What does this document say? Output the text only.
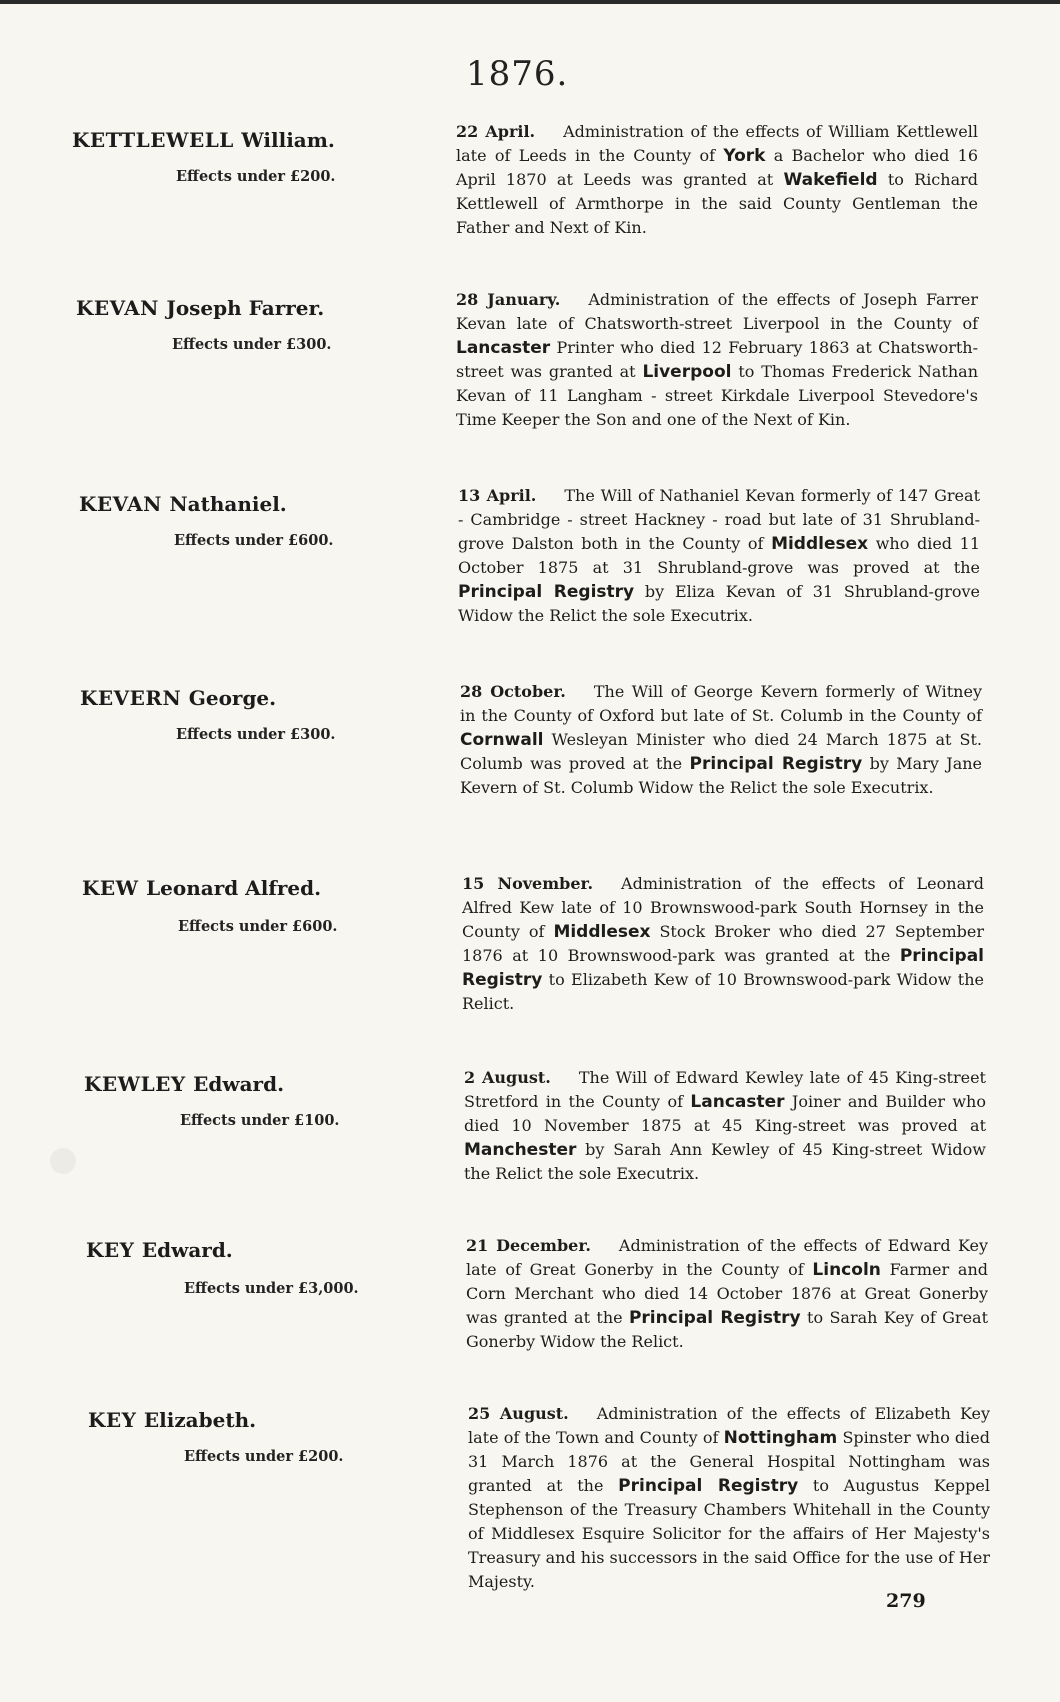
1876.
KETTLEWELL William.
Effects under £200.
22 April. Administration of the effects of William Kettlewell late of Leeds in the County of York a Bachelor who died 16 April 1870 at Leeds was granted at Wakefield to Richard Kettlewell of Armthorpe in the said County Gentleman the Father and Next of Kin.
KEVAN Joseph Farrer.
Effects under £300.
28 January. Administration of the effects of Joseph Farrer Kevan late of Chatsworth-street Liverpool in the County of Lancaster Printer who died 12 February 1863 at Chatsworth-street was granted at Liverpool to Thomas Frederick Nathan Kevan of 11 Langham - street Kirkdale Liverpool Stevedore's Time Keeper the Son and one of the Next of Kin.
KEVAN Nathaniel.
Effects under £600.
13 April. The Will of Nathaniel Kevan formerly of 147 Great - Cambridge - street Hackney - road but late of 31 Shrubland-grove Dalston both in the County of Middlesex who died 11 October 1875 at 31 Shrubland-grove was proved at the Principal Registry by Eliza Kevan of 31 Shrubland-grove Widow the Relict the sole Executrix.
KEVERN George.
Effects under £300.
28 October. The Will of George Kevern formerly of Witney in the County of Oxford but late of St. Columb in the County of Cornwall Wesleyan Minister who died 24 March 1875 at St. Columb was proved at the Principal Registry by Mary Jane Kevern of St. Columb Widow the Relict the sole Executrix.
KEW Leonard Alfred.
Effects under £600.
15 November. Administration of the effects of Leonard Alfred Kew late of 10 Brownswood-park South Hornsey in the County of Middlesex Stock Broker who died 27 September 1876 at 10 Brownswood-park was granted at the Principal Registry to Elizabeth Kew of 10 Brownswood-park Widow the Relict.
KEWLEY Edward.
Effects under £100.
2 August. The Will of Edward Kewley late of 45 King-street Stretford in the County of Lancaster Joiner and Builder who died 10 November 1875 at 45 King-street was proved at Manchester by Sarah Ann Kewley of 45 King-street Widow the Relict the sole Executrix.
KEY Edward.
Effects under £3,000.
21 December. Administration of the effects of Edward Key late of Great Gonerby in the County of Lincoln Farmer and Corn Merchant who died 14 October 1876 at Great Gonerby was granted at the Principal Registry to Sarah Key of Great Gonerby Widow the Relict.
KEY Elizabeth.
Effects under £200.
25 August. Administration of the effects of Elizabeth Key late of the Town and County of Nottingham Spinster who died 31 March 1876 at the General Hospital Nottingham was granted at the Principal Registry to Augustus Keppel Stephenson of the Treasury Chambers Whitehall in the County of Middlesex Esquire Solicitor for the affairs of Her Majesty's Treasury and his successors in the said Office for the use of Her Majesty.
279
